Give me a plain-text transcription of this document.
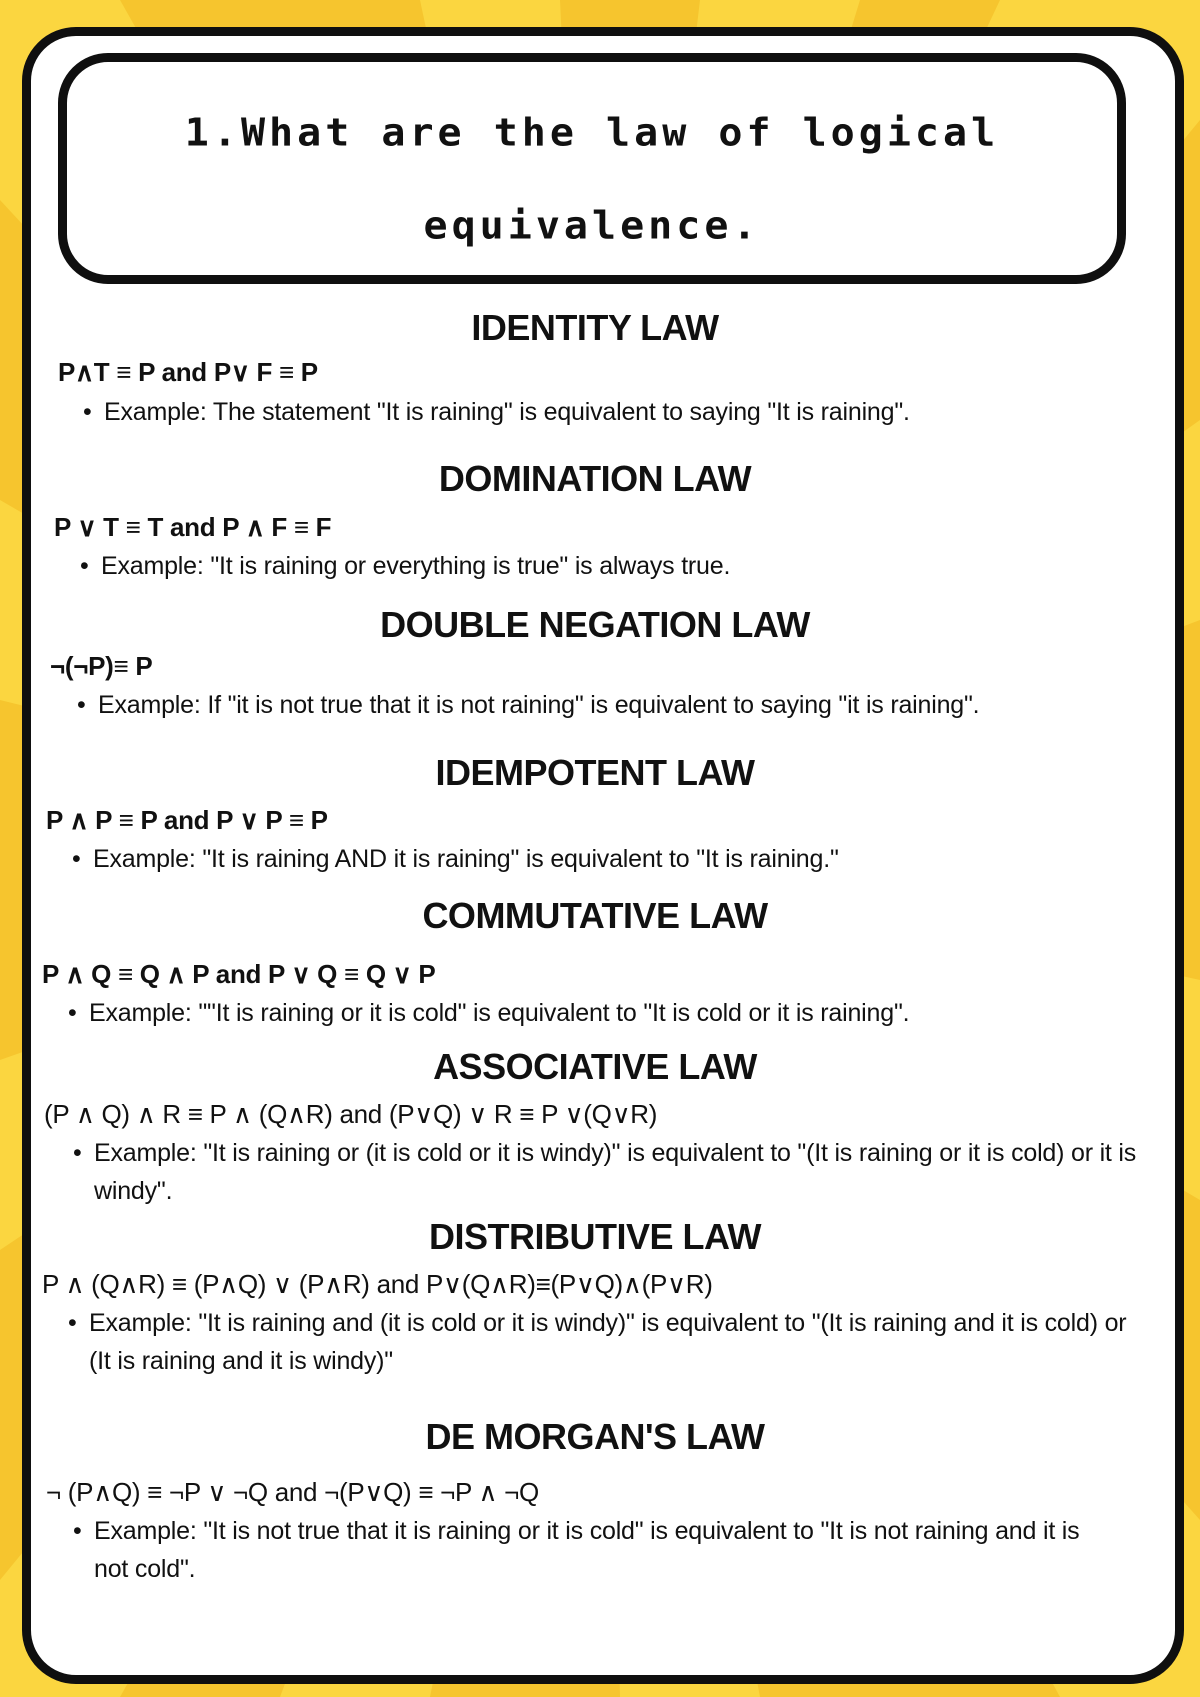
1.What are the law of logical
equivalence.
IDENTITY LAW

P∧T ≡ P and P∨ F ≡ P

• Example: The statement "It is raining" is equivalent to saying "It is raining".
DOMINATION LAW

P ∨ T ≡ T and P ∧ F ≡ F

• Example: "It is raining or everything is true" is always true.
DOUBLE NEGATION LAW

¬(¬P)≡ P

• Example: If "it is not true that it is not raining" is equivalent to saying "it is raining".
IDEMPOTENT LAW

P ∧ P ≡ P and P ∨ P ≡ P

• Example: "It is raining AND it is raining" is equivalent to "It is raining."
COMMUTATIVE LAW

P ∧ Q ≡ Q ∧ P and P ∨ Q ≡ Q ∨ P

• Example: ""It is raining or it is cold" is equivalent to "It is cold or it is raining".
ASSOCIATIVE LAW

(P ∧ Q) ∧ R ≡ P ∧ (Q∧R) and (P∨Q) ∨ R ≡ P ∨(Q∨R)

• Example: "It is raining or (it is cold or it is windy)" is equivalent to "(It is raining or it is cold) or it is windy".
DISTRIBUTIVE LAW

P ∧ (Q∧R) ≡ (P∧Q) ∨ (P∧R) and P∨(Q∧R)≡(P∨Q)∧(P∨R)

• Example: "It is raining and (it is cold or it is windy)" is equivalent to "(It is raining and it is cold) or (It is raining and it is windy)"
DE MORGAN'S LAW

¬ (P∧Q) ≡ ¬P ∨ ¬Q and ¬(P∨Q) ≡ ¬P ∧ ¬Q

• Example: "It is not true that it is raining or it is cold" is equivalent to "It is not raining and it is not cold".
